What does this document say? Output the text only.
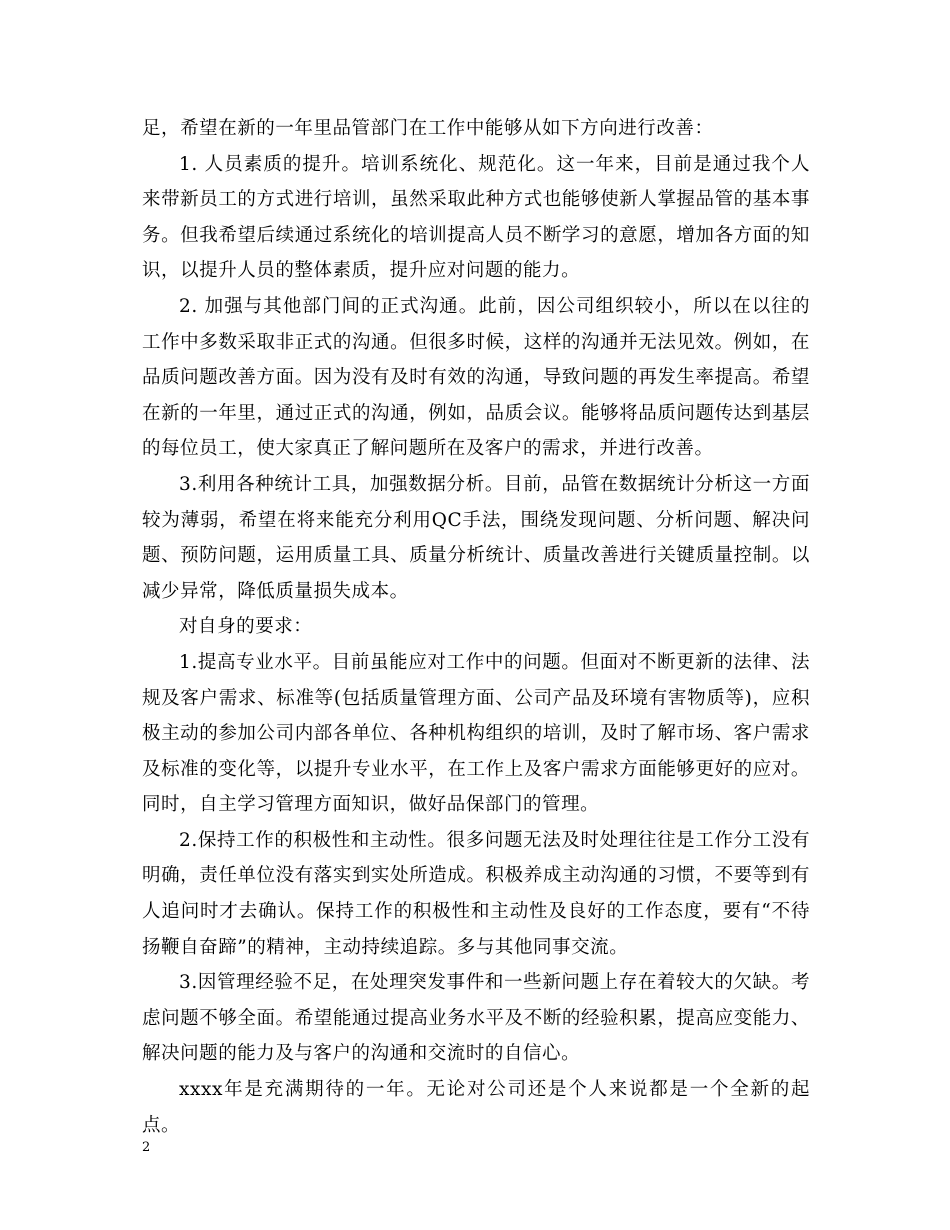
足，希望在新的一年里品管部门在工作中能够从如下方向进行改善：

1. 人员素质的提升。培训系统化、规范化。这一年来，目前是通过我个人来带新员工的方式进行培训，虽然采取此种方式也能够使新人掌握品管的基本事务。但我希望后续通过系统化的培训提高人员不断学习的意愿，增加各方面的知识，以提升人员的整体素质，提升应对问题的能力。

2. 加强与其他部门间的正式沟通。此前，因公司组织较小，所以在以往的工作中多数采取非正式的沟通。但很多时候，这样的沟通并无法见效。例如，在品质问题改善方面。因为没有及时有效的沟通，导致问题的再发生率提高。希望在新的一年里，通过正式的沟通，例如，品质会议。能够将品质问题传达到基层的每位员工，使大家真正了解问题所在及客户的需求，并进行改善。

3.利用各种统计工具，加强数据分析。目前，品管在数据统计分析这一方面较为薄弱，希望在将来能充分利用QC手法，围绕发现问题、分析问题、解决问题、预防问题，运用质量工具、质量分析统计、质量改善进行关键质量控制。以减少异常，降低质量损失成本。

对自身的要求：

1.提高专业水平。目前虽能应对工作中的问题。但面对不断更新的法律、法规及客户需求、标准等(包括质量管理方面、公司产品及环境有害物质等)，应积极主动的参加公司内部各单位、各种机构组织的培训，及时了解市场、客户需求及标准的变化等，以提升专业水平，在工作上及客户需求方面能够更好的应对。同时，自主学习管理方面知识，做好品保部门的管理。

2.保持工作的积极性和主动性。很多问题无法及时处理往往是工作分工没有明确，责任单位没有落实到实处所造成。积极养成主动沟通的习惯，不要等到有人追问时才去确认。保持工作的积极性和主动性及良好的工作态度，要有“不待扬鞭自奋蹄”的精神，主动持续追踪。多与其他同事交流。

3.因管理经验不足，在处理突发事件和一些新问题上存在着较大的欠缺。考虑问题不够全面。希望能通过提高业务水平及不断的经验积累，提高应变能力、解决问题的能力及与客户的沟通和交流时的自信心。

xxxx年是充满期待的一年。无论对公司还是个人来说都是一个全新的起点。

2
